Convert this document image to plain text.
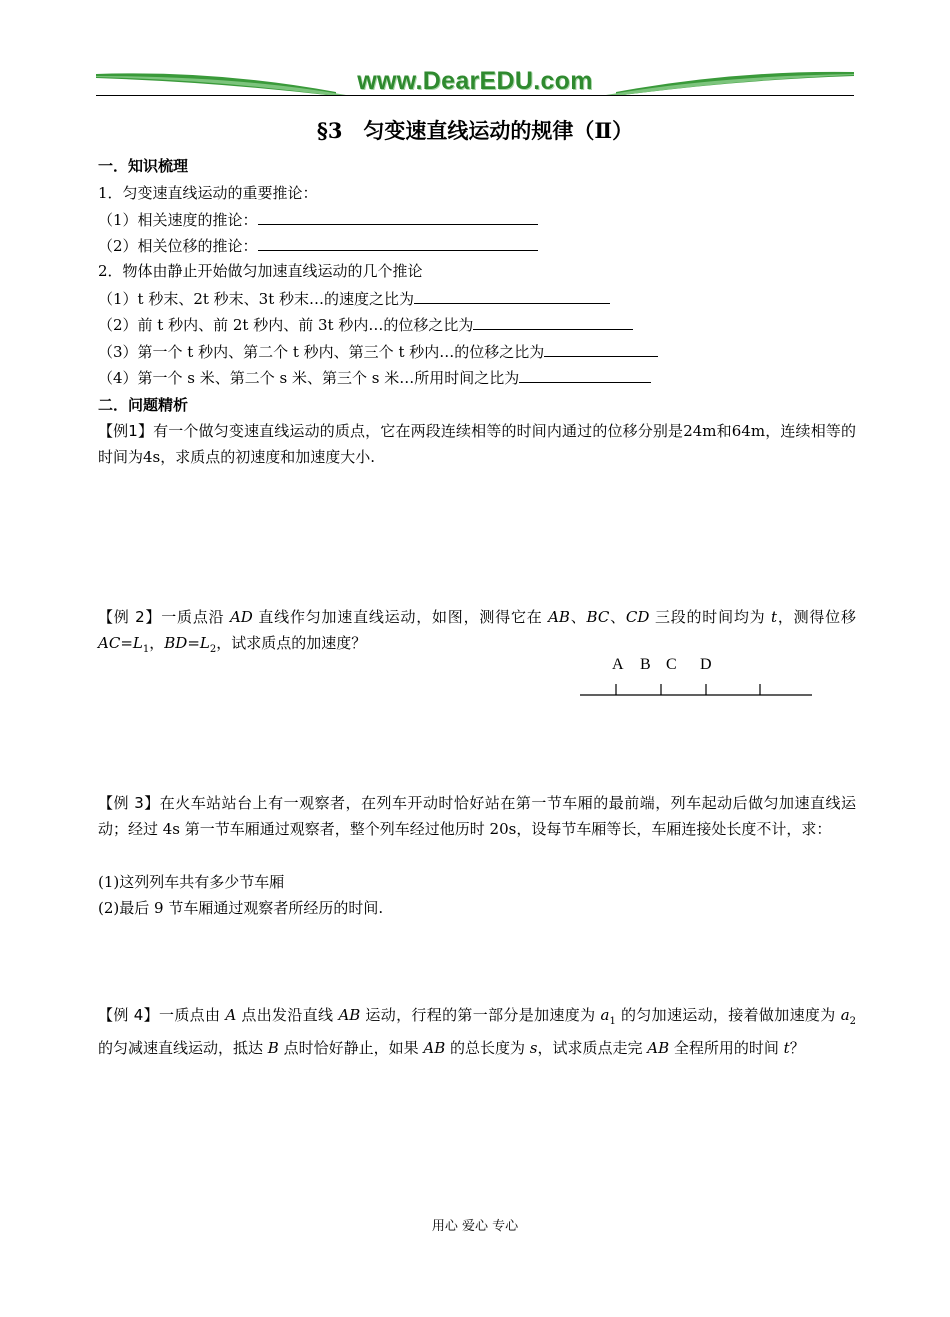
www.DearEDU.com
§3　匀变速直线运动的规律（Ⅱ）
一．知识梳理
1．匀变速直线运动的重要推论：
（1）相关速度的推论：
（2）相关位移的推论：
2．物体由静止开始做匀加速直线运动的几个推论
（1）t 秒末、2t 秒末、3t 秒末…的速度之比为
（2）前 t 秒内、前 2t 秒内、前 3t 秒内…的位移之比为
（3）第一个 t 秒内、第二个 t 秒内、第三个 t 秒内…的位移之比为
（4）第一个 s 米、第二个 s 米、第三个 s 米…所用时间之比为
二．问题精析
【例1】有一个做匀变速直线运动的质点，它在两段连续相等的时间内通过的位移分别是24m和64m，连续相等的时间为4s，求质点的初速度和加速度大小.
【例 2】一质点沿 AD 直线作匀加速直线运动，如图，测得它在 AB、BC、CD 三段的时间均为 t，测得位移 $AC=L_1$，$BD=L_2$，试求质点的加速度？
A B C D
【例 3】在火车站站台上有一观察者，在列车开动时恰好站在第一节车厢的最前端，列车起动后做匀加速直线运动；经过 4s 第一节车厢通过观察者，整个列车经过他历时 20s，设每节车厢等长，车厢连接处长度不计，求：
(1)这列列车共有多少节车厢
(2)最后 9 节车厢通过观察者所经历的时间.
【例 4】一质点由 A 点出发沿直线 AB 运动，行程的第一部分是加速度为 $a_1$ 的匀加速运动，接着做加速度为 $a_2$ 的匀减速直线运动，抵达 B 点时恰好静止，如果 AB 的总长度为 s，试求质点走完 AB 全程所用的时间 t？
用心 爱心 专心
